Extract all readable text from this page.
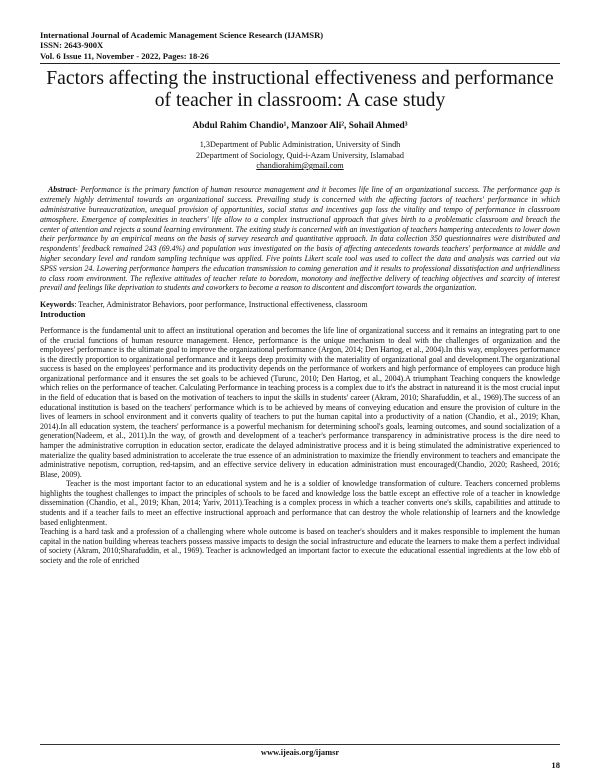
International Journal of Academic Management Science Research (IJAMSR)
ISSN: 2643-900X
Vol. 6 Issue 11, November - 2022, Pages: 18-26
Factors affecting the instructional effectiveness and performance
of teacher in classroom: A case study
Abdul Rahim Chandio¹, Manzoor Ali², Sohail Ahmed³
1,3Department of Public Administration, University of Sindh
2Department of Sociology, Quid-i-Azam University, Islamabad
chandiorahim@gmail.com
Abstract- Performance is the primary function of human resource management and it becomes life line of an organizational success. The performance gap is extremely highly detrimental towards an organizational success. Prevailing study is concerned with the affecting factors of teachers' performance in which administrative bureaucratization, unequal provision of opportunities, social status and incentives gap loss the vitality and tempo of performance in classroom atmosphere. Emergence of complexities in teachers' life allow to a complex instructional approach that gives birth to a problematic classroom and breach the center of attention and rejects a sound learning environment. The exiting study is concerned with an investigation of teachers hampering antecedents to lower down their performance by an empirical means on the basis of survey research and quantitative approach. In data collection 350 questionnaires were distributed and respondents' feedback remained 243 (69.4%) and population was investigated on the basis of affecting antecedents towards teachers' performance at middle and higher secondary level and random sampling technique was applied. Five points Likert scale tool was used to collect the data and analysis was carried out via SPSS version 24. Lowering performance hampers the education transmission to coming generation and it results to professional dissatisfaction and unfriendliness to class room environment. The reflexive attitudes of teacher relate to boredom, monotony and ineffective delivery of teaching objectives and scarcity of interest prevail and feelings like deprivation to students and coworkers to become a reason to discontent and discomfort towards the organization.
Keywords: Teacher, Administrator Behaviors, poor performance, Instructional effectiveness, classroom
Introduction

Performance is the fundamental unit to affect an institutional operation and becomes the life line of organizational success and it remains an integrating part to one of the crucial functions of human resource management. Hence, performance is the unique mechanism to deal with the challenges of organization and the employees' performance is the ultimate goal to improve the organizational performance (Argon, 2014; Den Hartog, et al., 2004).In this way, employees performance is the directly proportion to organizational performance and it keeps deep proximity with the materiality of organizational goal and development.The organizational success is based on the employees' performance and its productivity depends on the performance of workers and high performance of employees can produce high organizational performance and it ensures the set goals to be achieved (Turunc, 2010; Den Hartog, et al., 2004).A triumphant Teaching conquers the knowledge which relies on the performance of teacher. Calculating Performance in teaching process is a complex due to it's the abstract in natureand it is the most crucial input in the field of education that is based on the motivation of teachers to input the skills in students' career (Akram, 2010; Sharafuddin, et al., 1969).The success of an educational institution is based on the teachers' performance which is to be achieved by means of conveying education and ensure the provision of culture in the lives of learners in school environment and it converts quality of teachers to put the human capital into a productivity of a nation (Chandio, et al., 2019; Khan, 2014).In all education system, the teachers' performance is a powerful mechanism for determining school's goals, learning outcomes, and sound socialization of a generation(Nadeem, et al., 2011).In the way, of growth and development of a teacher's performance transparency in administrative process is the dire need to hamper the administrative corruption in education sector, eradicate the delayed administrative process and it is being stimulated the administrative experienced to materialize the quality based administration to accelerate the true essence of an administration to maximize the friendly environment to teachers and emancipate the administrative nepotism, corruption, red-tapsim, and an effective service delivery in education administration must encouraged(Chandio, 2020; Rasheed, 2016; Blase, 2009).

Teacher is the most important factor to an educational system and he is a soldier of knowledge transformation of culture. Teachers concerned problems highlights the toughest challenges to impact the principles of schools to be faced and knowledge loss the battle except an effective role of a teacher in knowledge dissemination (Chandio, et al., 2019; Khan, 2014; Yariv, 2011).Teaching is a complex process in which a teacher converts one's skills, capabilities and attitude to students and if a teacher fails to meet an effective instructional approach and performance that can destroy the whole relationship of learners and the knowledge based enlightenment.

Teaching is a hard task and a profession of a challenging where whole outcome is based on teacher's shoulders and it makes responsible to implement the human capital in the nation building whereas teachers possess massive impacts to design the social infrastructure and educate the learners to make them a perfect individual of society (Akram, 2010;Sharafuddin, et al., 1969). Teacher is acknowledged an important factor to execute the educational essential ingredients at the low ebb of society and the role of enriched

www.ijeais.org/ijamsr
18
